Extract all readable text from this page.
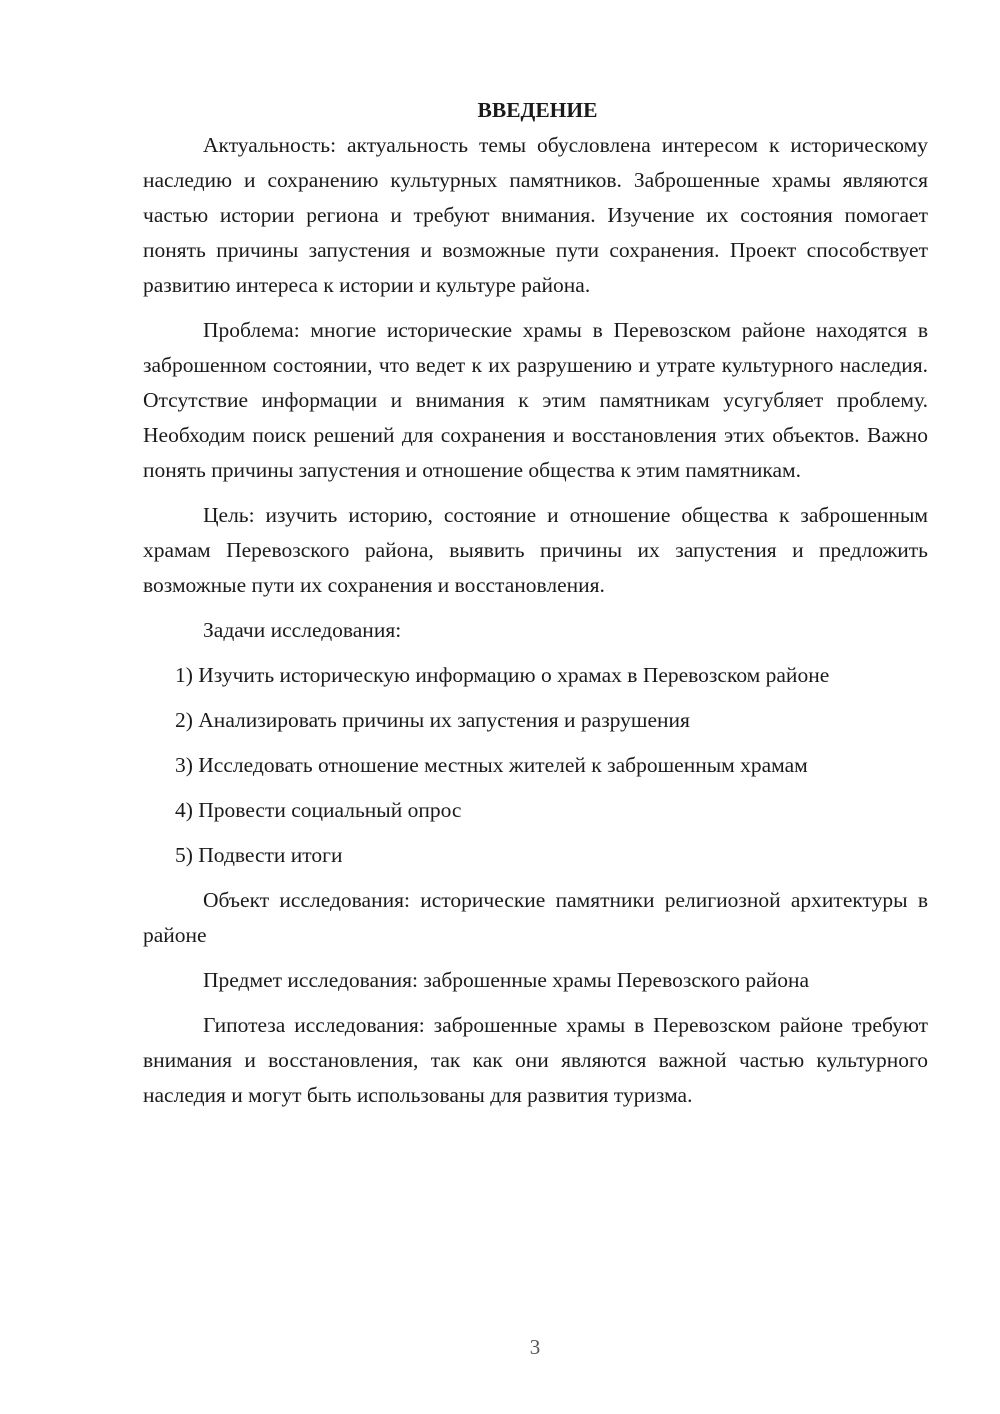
ВВЕДЕНИЕ

Актуальность: актуальность темы обусловлена интересом к историческому наследию и сохранению культурных памятников. Заброшенные храмы являются частью истории региона и требуют внимания. Изучение их состояния помогает понять причины запустения и возможные пути сохранения. Проект способствует развитию интереса к истории и культуре района.

Проблема: многие исторические храмы в Перевозском районе находятся в заброшенном состоянии, что ведет к их разрушению и утрате культурного наследия. Отсутствие информации и внимания к этим памятникам усугубляет проблему. Необходим поиск решений для сохранения и восстановления этих объектов. Важно понять причины запустения и отношение общества к этим памятникам.

Цель: изучить историю, состояние и отношение общества к заброшенным храмам Перевозского района, выявить причины их запустения и предложить возможные пути их сохранения и восстановления.

Задачи исследования:

1) Изучить историческую информацию о храмах в Перевозском районе

2) Анализировать причины их запустения и разрушения

3) Исследовать отношение местных жителей к заброшенным храмам

4) Провести социальный опрос

5) Подвести итоги

Объект исследования: исторические памятники религиозной архитектуры в районе

Предмет исследования: заброшенные храмы Перевозского района

Гипотеза исследования: заброшенные храмы в Перевозском районе требуют внимания и восстановления, так как они являются важной частью культурного наследия и могут быть использованы для развития туризма.

3
